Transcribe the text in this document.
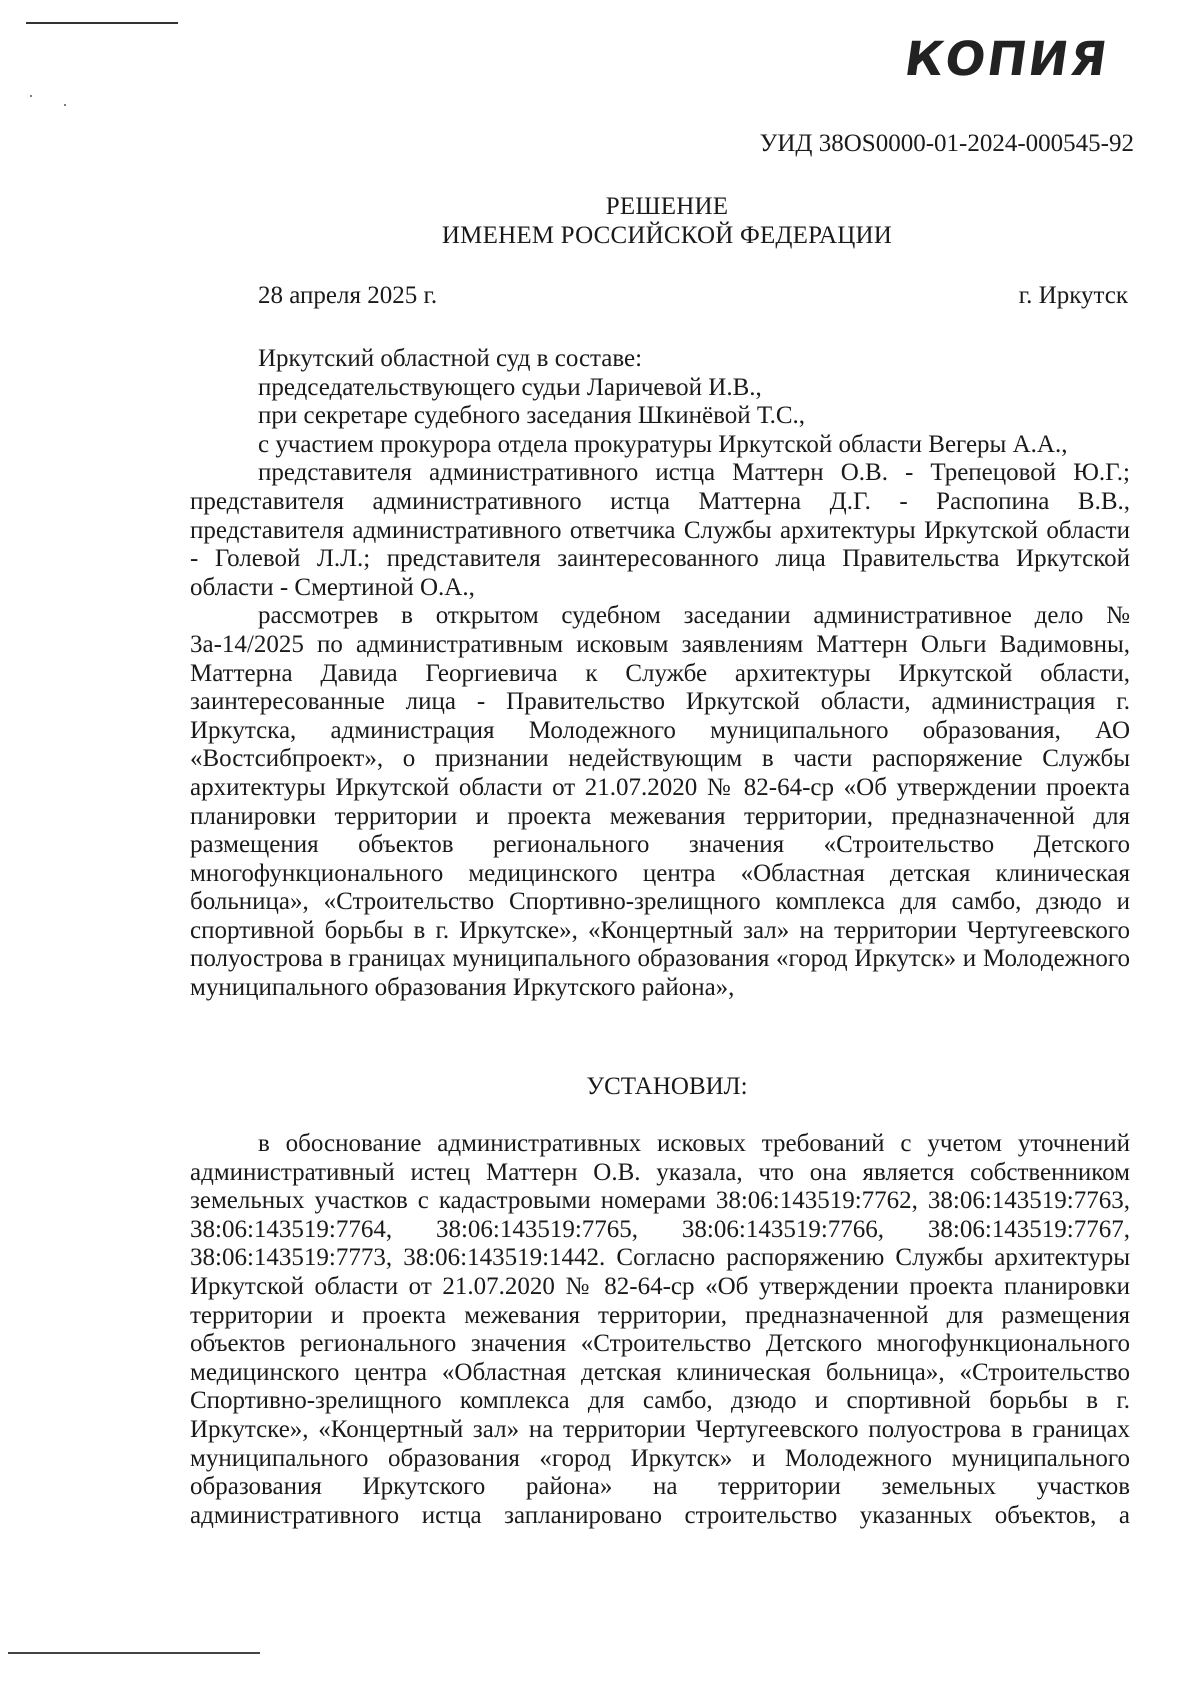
КОПИЯ
УИД 38OS0000-01-2024-000545-92
РЕШЕНИЕ
ИМЕНЕМ РОССИЙСКОЙ ФЕДЕРАЦИИ
28 апреля 2025 г.	г. Иркутск

Иркутский областной суд в составе:

председательствующего судьи Ларичевой И.В.,

при секретаре судебного заседания Шкинёвой Т.С.,

с участием прокурора отдела прокуратуры Иркутской области Вегеры А.А.,

представителя административного истца Маттерн О.В. - Трепецовой Ю.Г.; представителя административного истца Маттерна Д.Г. - Распопина В.В., представителя административного ответчика Службы архитектуры Иркутской области - Голевой Л.Л.; представителя заинтересованного лица Правительства Иркутской области - Смертиной О.А.,

рассмотрев в открытом судебном заседании административное дело № 3а-14/2025 по административным исковым заявлениям Маттерн Ольги Вадимовны, Маттерна Давида Георгиевича к Службе архитектуры Иркутской области, заинтересованные лица - Правительство Иркутской области, администрация г. Иркутска, администрация Молодежного муниципального образования, АО «Востсибпроект», о признании недействующим в части распоряжение Службы архитектуры Иркутской области от 21.07.2020 № 82-64-ср «Об утверждении проекта планировки территории и проекта межевания территории, предназначенной для размещения объектов регионального значения «Строительство Детского многофункционального медицинского центра «Областная детская клиническая больница», «Строительство Спортивно-зрелищного комплекса для самбо, дзюдо и спортивной борьбы в г. Иркутске», «Концертный зал» на территории Чертугеевского полуострова в границах муниципального образования «город Иркутск» и Молодежного муниципального образования Иркутского района»,

УСТАНОВИЛ:

в обоснование административных исковых требований с учетом уточнений административный истец Маттерн О.В. указала, что она является собственником земельных участков с кадастровыми номерами 38:06:143519:7762, 38:06:143519:7763, 38:06:143519:7764, 38:06:143519:7765, 38:06:143519:7766, 38:06:143519:7767, 38:06:143519:7773, 38:06:143519:1442. Согласно распоряжению Службы архитектуры Иркутской области от 21.07.2020 № 82-64-ср «Об утверждении проекта планировки территории и проекта межевания территории, предназначенной для размещения объектов регионального значения «Строительство Детского многофункционального медицинского центра «Областная детская клиническая больница», «Строительство Спортивно-зрелищного комплекса для самбо, дзюдо и спортивной борьбы в г. Иркутске», «Концертный зал» на территории Чертугеевского полуострова в границах муниципального образования «город Иркутск» и Молодежного муниципального образования Иркутского района» на территории земельных участков административного истца запланировано строительство указанных объектов, а
